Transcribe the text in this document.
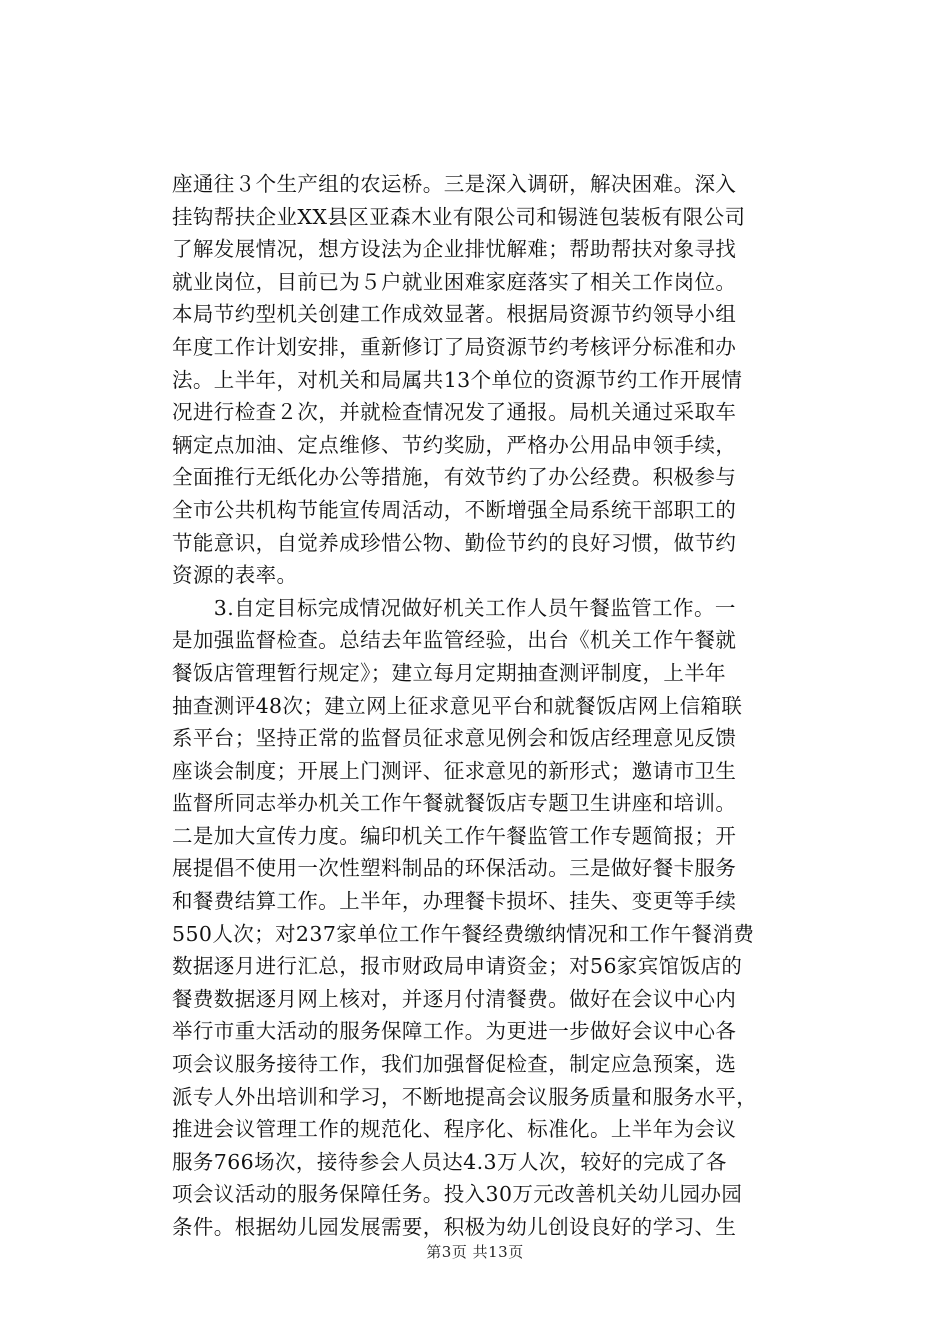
座通往３个生产组的农运桥。三是深入调研，解决困难。深入
挂钩帮扶企业XX县区亚森木业有限公司和锡涟包装板有限公司
了解发展情况，想方设法为企业排忧解难；帮助帮扶对象寻找
就业岗位，目前已为５户就业困难家庭落实了相关工作岗位。
本局节约型机关创建工作成效显著。根据局资源节约领导小组
年度工作计划安排，重新修订了局资源节约考核评分标准和办
法。上半年，对机关和局属共13个单位的资源节约工作开展情
况进行检查２次，并就检查情况发了通报。局机关通过采取车
辆定点加油、定点维修、节约奖励，严格办公用品申领手续，
全面推行无纸化办公等措施，有效节约了办公经费。积极参与
全市公共机构节能宣传周活动，不断增强全局系统干部职工的
节能意识，自觉养成珍惜公物、勤俭节约的良好习惯，做节约
资源的表率。
　　3.自定目标完成情况做好机关工作人员午餐监管工作。一
是加强监督检查。总结去年监管经验，出台《机关工作午餐就
餐饭店管理暂行规定》；建立每月定期抽查测评制度，上半年
抽查测评48次；建立网上征求意见平台和就餐饭店网上信箱联
系平台；坚持正常的监督员征求意见例会和饭店经理意见反馈
座谈会制度；开展上门测评、征求意见的新形式；邀请市卫生
监督所同志举办机关工作午餐就餐饭店专题卫生讲座和培训。
二是加大宣传力度。编印机关工作午餐监管工作专题简报；开
展提倡不使用一次性塑料制品的环保活动。三是做好餐卡服务
和餐费结算工作。上半年，办理餐卡损坏、挂失、变更等手续
550人次；对237家单位工作午餐经费缴纳情况和工作午餐消费
数据逐月进行汇总，报市财政局申请资金；对56家宾馆饭店的
餐费数据逐月网上核对，并逐月付清餐费。做好在会议中心内
举行市重大活动的服务保障工作。为更进一步做好会议中心各
项会议服务接待工作，我们加强督促检查，制定应急预案，选
派专人外出培训和学习，不断地提高会议服务质量和服务水平，
推进会议管理工作的规范化、程序化、标准化。上半年为会议
服务766场次，接待参会人员达4.3万人次，较好的完成了各
项会议活动的服务保障任务。投入30万元改善机关幼儿园办园
条件。根据幼儿园发展需要，积极为幼儿创设良好的学习、生
第3页 共13页
